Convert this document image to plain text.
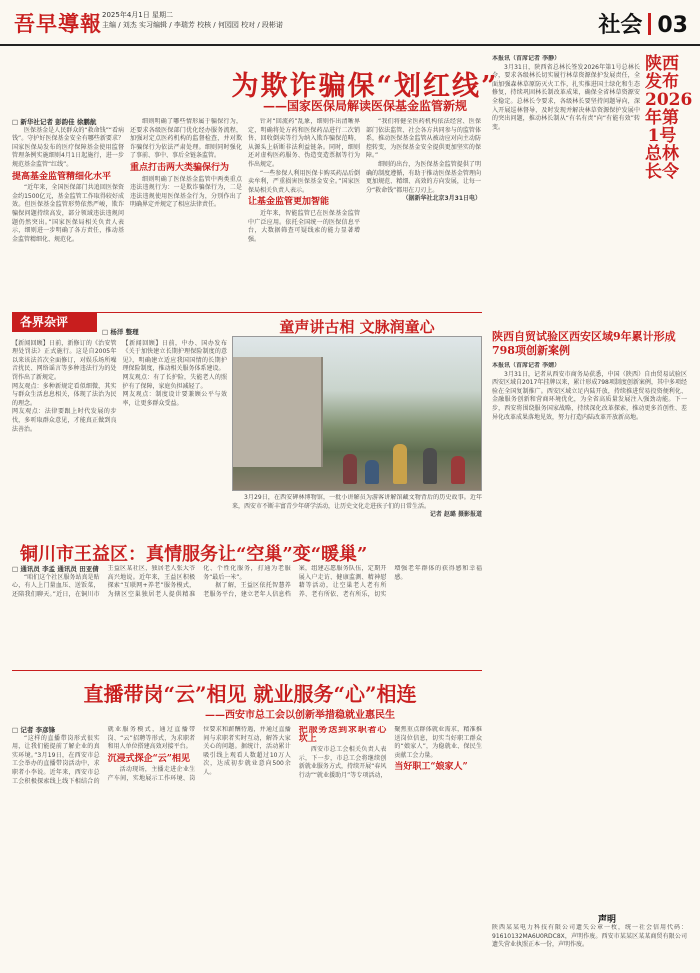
吾早導報 2025年4月1日 星期二
主编 / 刘杰 实习编辑 / 李瑞芳 校核 / 何园园 校对 / 段彬诺	社会 03
为欺诈骗保“划红线”
——国家医保局解读医保基金监管新规
□ 新华社记者 彭韵佳 徐鹏航

医保基金是人民群众的“救命钱”“看病钱”。守护好医保基金安全有哪些新要求？国家医保局发布的医疗保障基金使用监督管理条例实施细则4月1日起施行，进一步规范基金监管“红线”。

提高基金监管精细化水平

“近年来，全国医保部门共追回医保资金约1500亿元，基金监管工作取得较好成效。但医保基金监管形势依然严峻，欺诈骗保问题持续高发，部分领域违法违规问题仍然突出。”国家医保局相关负责人表示，细则进一步明确了各方责任，推动基金监管精细化、规范化。

细则明确了哪些情形属于骗保行为，还要求各级医保部门优化经办服务流程，加强对定点医药机构的监督检查，并对欺诈骗保行为依法严肃处理。细则同时强化了事前、事中、事后全链条监管。

重点打击两大类骗保行为

细则明确了医保基金监管中两类重点违法违规行为：一是欺诈骗保行为，二是违法违规使用医保基金行为，分别作出了明确界定并规定了相应法律责任。

针对“回流药”乱象，细则作出清晰界定，明确将处方药和医保药品进行二次销售、回收倒卖等行为纳入欺诈骗保范畴，从源头上斩断非法利益链条。同时，细则还对虚构医药服务、伪造变造票据等行为作出规定。

“一些参保人利用医保卡购买药品后倒卖牟利，严重损害医保基金安全。”国家医保局相关负责人表示。

让基金监管更加智能

近年来，智能监管已在医保基金监管中广泛应用。依托全国统一的医保信息平台，大数据筛查可疑线索的能力显著增强。

“我们将健全医药机构依法经营、医保部门依法监管、社会各方共同参与的监管体系，推动医保基金监管从被动应对向主动防控转变，为医保基金安全提供更加坚实的保障。”

细则的出台，为医保基金监管提供了明确的制度遵循，有助于推动医保基金管理向更加规范、精细、高效的方向发展，让每一分“救命钱”都用在刀刃上。

（据新华社北京3月31日电）

陕西发布2026年第1号总林长令

本报讯（首席记者 李静）

3月31日，陕西省总林长签发2026年第1号总林长令，要求各级林长切实履行林草资源保护发展责任，全面加强森林草原防灭火工作，扎实推进国土绿化和生态修复，持续巩固林长制改革成果，确保全省林草资源安全稳定。总林长令要求，各级林长要坚持问题导向，深入开展巡林督导，及时发现并解决林草资源保护发展中的突出问题，推动林长制从“有名有责”向“有能有效”转变。

各界杂评
□ 杨洋 整理

【新闻回顾】日前，新修订的《治安管理处罚法》正式施行。这是自2005年以来该法首次全面修订，对娱乐场所噪音扰民、网络谣言等多种违法行为的处罚作出了新规定。
网友观点：多种新规定看似细微，其实与群众生活息息相关，体现了法治为民的理念。
网友观点：法律要跟上时代发展的步伐，多听取群众意见，才能真正做到良法善治。

【新闻回顾】日前，中办、国办发布《关于加快建立长期护理保险制度的意见》，明确建立适应我国国情的长期护理保险制度，推动相关服务体系建设。
网友观点：有了长护险，失能老人的照护有了保障，家庭负担减轻了。
网友观点：制度设计要兼顾公平与效率，让更多群众受益。

童声讲古相 文脉润童心

3月29日，在西安碑林博物馆，一批小讲解员为游客讲解馆藏文物背后的历史故事。近年来，西安市不断丰富青少年研学活动，让历史文化走进孩子们的日常生活。

记者 赵璐 摄影报道

陕西自贸试验区西安区域9年累计形成798项创新案例

本报讯（首席记者 李婧）

3月31日，记者从西安市商务局获悉，中国（陕西）自由贸易试验区西安区域自2017年挂牌以来，累计形成798项制度创新案例，其中多项经验在全国复制推广。西安区域立足内陆开放，持续推进贸易投资便利化、金融服务创新和营商环境优化，为全省高质量发展注入强劲动能。下一步，西安将围绕服务国家战略，持续深化改革探索，推动更多首创性、差异化改革成果落地见效，努力打造内陆改革开放新高地。

铜川市王益区：真情服务让“空巢”变“暖巢”
□ 通讯员 李孟 通讯员 田亚倩

“咱们这个社区服务站真是贴心，有人上门量血压、送饭菜，还陪我们聊天。”近日，在铜川市王益区某社区，独居老人张大爷高兴地说。近年来，王益区积极探索“互联网+养老”服务模式，为辖区空巢独居老人提供精准化、个性化服务，打通为老服务“最后一米”。

据了解，王益区依托智慧养老服务平台，建立老年人信息档案，组建志愿服务队伍，定期开展入户走访、健康监测、精神慰藉等活动，让空巢老人老有所养、老有所依、老有所乐，切实增强老年群体的获得感和幸福感。

直播带岗“云”相见 就业服务“心”相连
——西安市总工会以创新举措稳就业惠民生
□ 记者 李彦锋

“这样的直播带岗形式很实用，让我们能提前了解企业的真实环境。”3月19日，在西安市总工会举办的直播带岗活动中，求职者小李说。近年来，西安市总工会积极探索线上线下相结合的就业服务模式，通过直播带岗、“云”招聘等形式，为求职者和用人单位搭建高效对接平台。

沉浸式探企“云”相见

活动现场，主播走进企业生产车间，实地展示工作环境、岗位要求和薪酬待遇，并通过直播间与求职者实时互动，解答大家关心的问题。据统计，活动累计吸引线上观看人数超过10万人次，达成初步就业意向500余人。

把服务送到求职者心坎上

西安市总工会相关负责人表示，下一步，市总工会将继续创新就业服务方式，持续开展“春风行动”“就业援助月”等专项活动，聚焦重点群体就业需求，精准推送岗位信息，切实当好职工群众的“娘家人”，为稳就业、保民生贡献工会力量。

当好职工“娘家人”
声明
陕西某某电力科技有限公司遗失公章一枚，统一社会信用代码：91610132MA6U0RDC8X，声明作废。西安市某某区某某商贸有限公司遗失营业执照正本一份，声明作废。
